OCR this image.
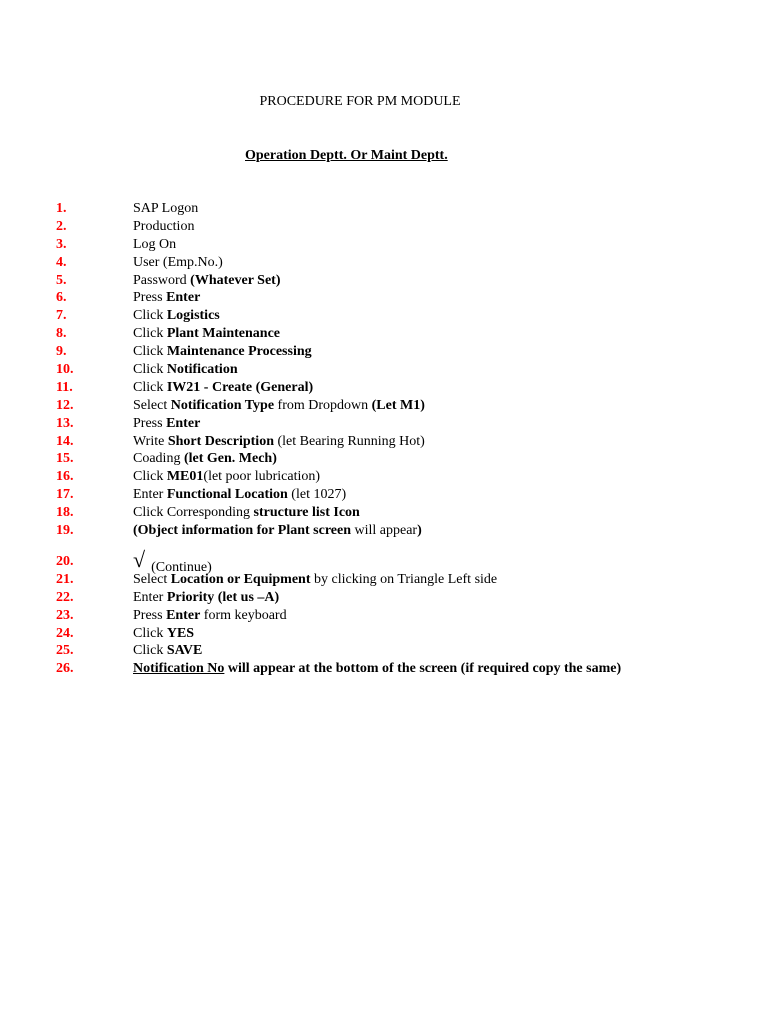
PROCEDURE FOR PM MODULE
Operation Deptt. Or Maint Deptt.
1.	SAP Logon
2.	Production
3.	Log On
4.	User (Emp.No.)
5.	Password (Whatever Set)
6.	Press Enter
7.	Click Logistics
8.	Click Plant Maintenance
9.	Click Maintenance Processing
10.	Click Notification
11.	Click IW21 - Create (General)
12.	Select Notification Type from Dropdown (Let M1)
13.	Press Enter
14.	Write Short Description (let Bearing Running Hot)
15.	Coading (let Gen. Mech)
16.	Click ME01(let poor lubrication)
17.	Enter Functional Location (let 1027)
18.	Click Corresponding structure list Icon
19.	(Object information for Plant screen will appear)
20.	√ (Continue)
21.	Select Location or Equipment by clicking on Triangle Left side
22.	Enter Priority (let us –A)
23.	Press Enter form keyboard
24.	Click YES
25.	Click SAVE
26.	Notification No will appear at the bottom of the screen (if required copy the same)
